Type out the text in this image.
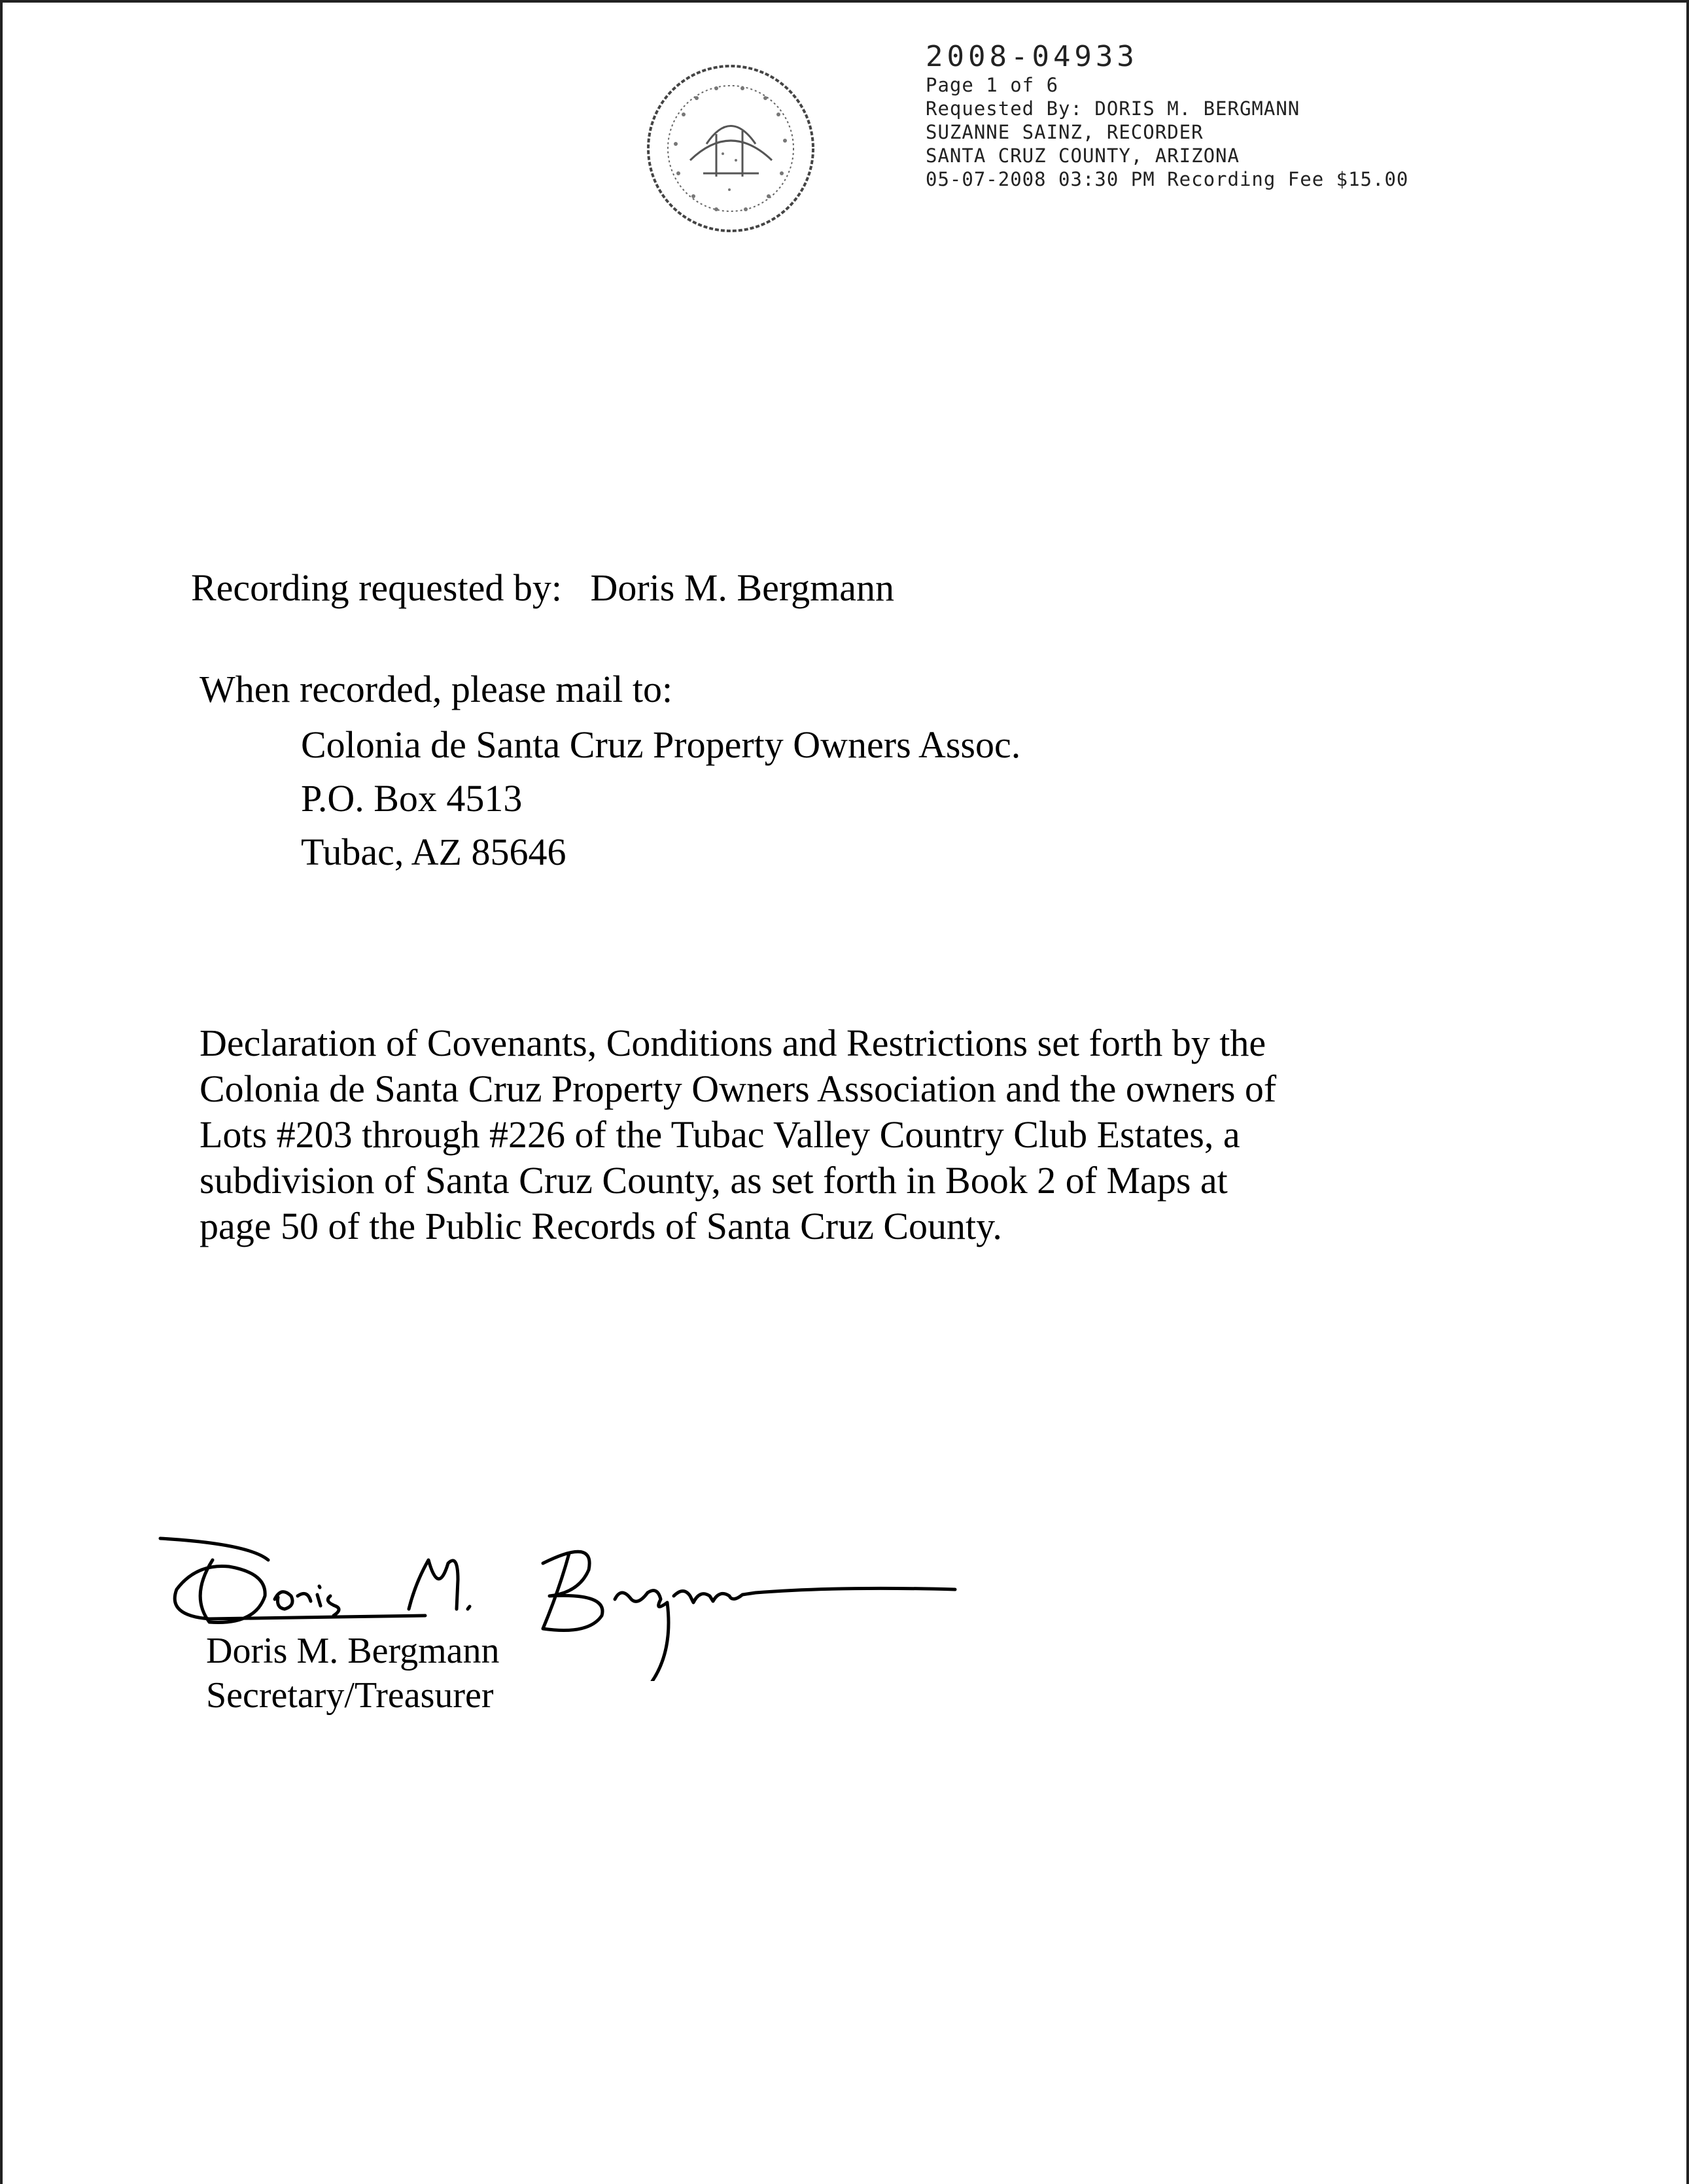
2008-04933
Page 1 of 6
Requested By: DORIS M. BERGMANN
SUZANNE SAINZ, RECORDER
SANTA CRUZ COUNTY, ARIZONA
05-07-2008 03:30 PM Recording Fee $15.00
Recording requested by:   Doris M. Bergmann
When recorded, please mail to:
Colonia de Santa Cruz Property Owners Assoc.
P.O. Box 4513
Tubac, AZ 85646
Declaration of Covenants, Conditions and Restrictions set forth by the
Colonia de Santa Cruz Property Owners Association and the owners of
Lots #203 through #226 of the Tubac Valley Country Club Estates, a
subdivision of Santa Cruz County, as set forth in Book 2 of Maps at
page 50 of the Public Records of Santa Cruz County.
Doris M. Bergmann
Secretary/Treasurer
